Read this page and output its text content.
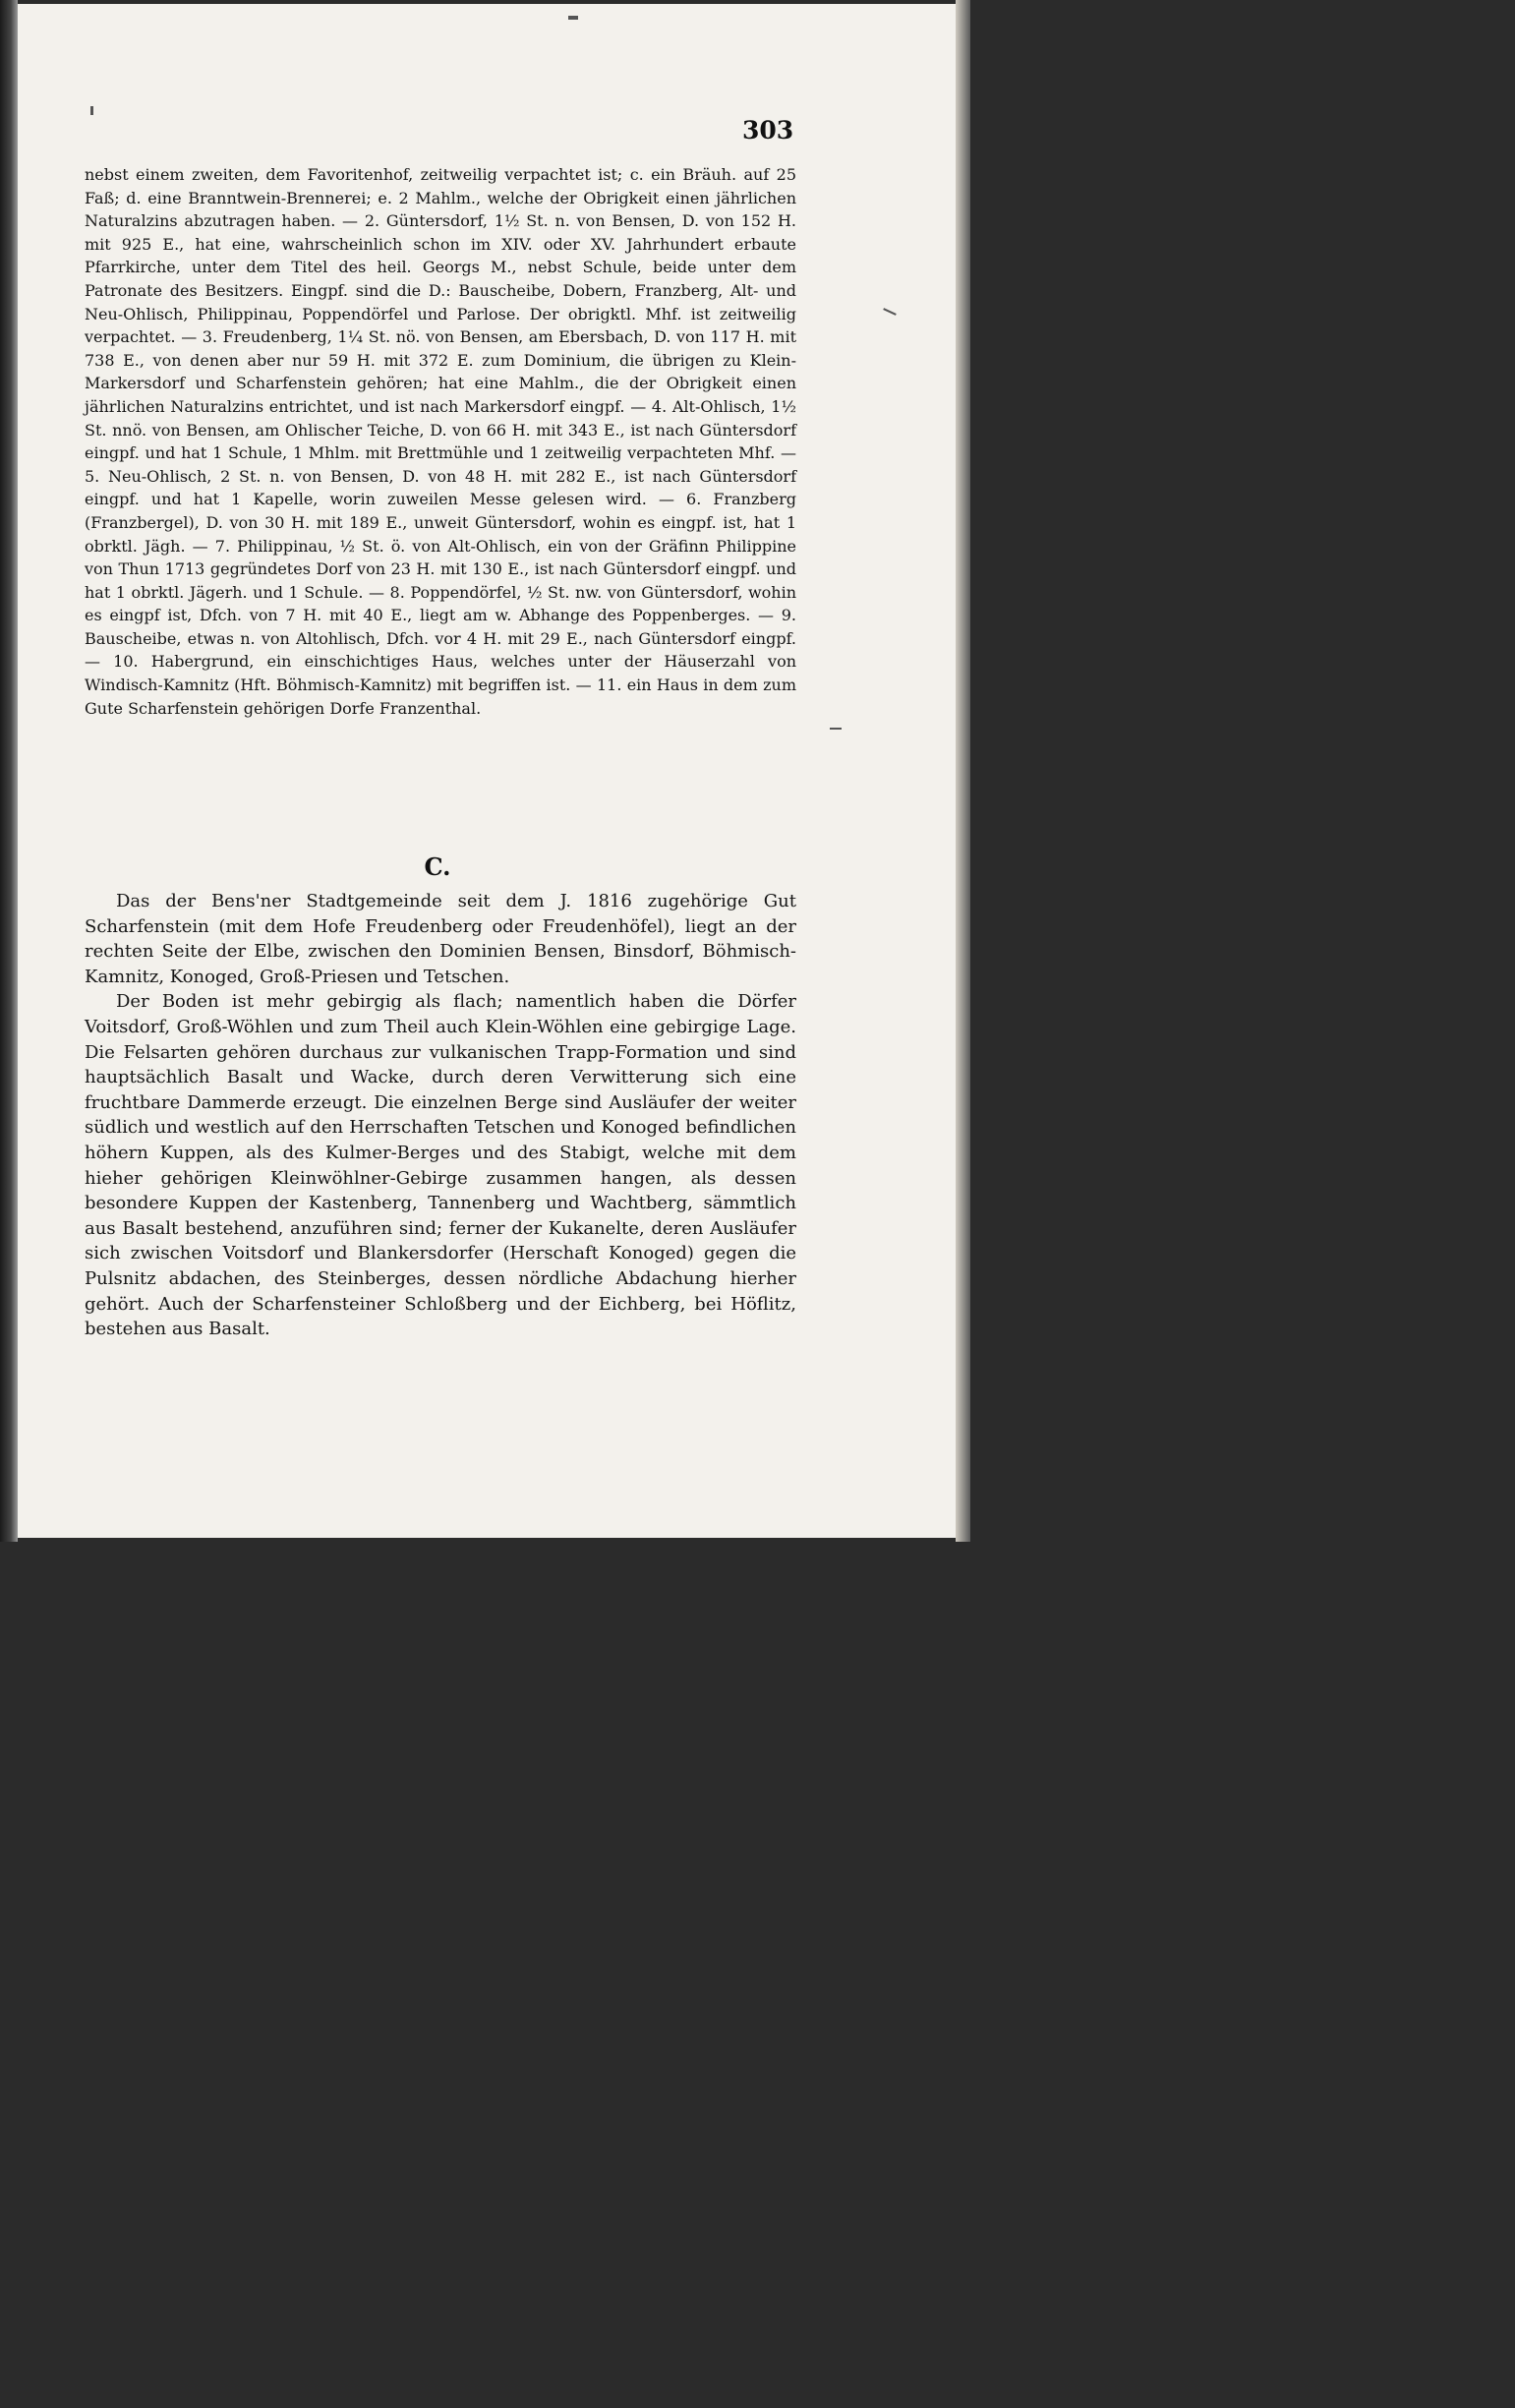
303

nebst einem zweiten, dem Favoritenhof, zeitweilig verpachtet ist; c. ein Bräuh. auf 25 Faß; d. eine Branntwein-Brennerei; e. 2 Mahlm., welche der Obrigkeit einen jährlichen Naturalzins abzutragen haben. — 2. Güntersdorf, 1½ St. n. von Bensen, D. von 152 H. mit 925 E., hat eine, wahrscheinlich schon im XIV. oder XV. Jahrhundert erbaute Pfarrkirche, unter dem Titel des heil. Georgs M., nebst Schule, beide unter dem Patronate des Besitzers. Eingpf. sind die D.: Bauscheibe, Dobern, Franzberg, Alt- und Neu-Ohlisch, Philippinau, Poppendörfel und Parlose. Der obrigktl. Mhf. ist zeitweilig verpachtet. — 3. Freudenberg, 1¼ St. nö. von Bensen, am Ebersbach, D. von 117 H. mit 738 E., von denen aber nur 59 H. mit 372 E. zum Dominium, die übrigen zu Klein-Markersdorf und Scharfenstein gehören; hat eine Mahlm., die der Obrigkeit einen jährlichen Naturalzins entrichtet, und ist nach Markersdorf eingpf. — 4. Alt-Ohlisch, 1½ St. nnö. von Bensen, am Ohlischer Teiche, D. von 66 H. mit 343 E., ist nach Güntersdorf eingpf. und hat 1 Schule, 1 Mhlm. mit Brettmühle und 1 zeitweilig verpachteten Mhf. — 5. Neu-Ohlisch, 2 St. n. von Bensen, D. von 48 H. mit 282 E., ist nach Güntersdorf eingpf. und hat 1 Kapelle, worin zuweilen Messe gelesen wird. — 6. Franzberg (Franzbergel), D. von 30 H. mit 189 E., unweit Güntersdorf, wohin es eingpf. ist, hat 1 obrktl. Jägh. — 7. Philippinau, ½ St. ö. von Alt-Ohlisch, ein von der Gräfinn Philippine von Thun 1713 gegründetes Dorf von 23 H. mit 130 E., ist nach Güntersdorf eingpf. und hat 1 obrktl. Jägerh. und 1 Schule. — 8. Poppendörfel, ½ St. nw. von Güntersdorf, wohin es eingpf ist, Dfch. von 7 H. mit 40 E., liegt am w. Abhange des Poppenberges. — 9. Bauscheibe, etwas n. von Altohlisch, Dfch. vor 4 H. mit 29 E., nach Güntersdorf eingpf. — 10. Habergrund, ein einschichtiges Haus, welches unter der Häuserzahl von Windisch-Kamnitz (Hft. Böhmisch-Kamnitz) mit begriffen ist. — 11. ein Haus in dem zum Gute Scharfenstein gehörigen Dorfe Franzenthal.

C.

Das der Bens'ner Stadtgemeinde seit dem J. 1816 zugehörige Gut Scharfenstein (mit dem Hofe Freudenberg oder Freudenhöfel), liegt an der rechten Seite der Elbe, zwischen den Dominien Bensen, Binsdorf, Böhmisch-Kamnitz, Konoged, Groß-Priesen und Tetschen.

Der Boden ist mehr gebirgig als flach; namentlich haben die Dörfer Voitsdorf, Groß-Wöhlen und zum Theil auch Klein-Wöhlen eine gebirgige Lage. Die Felsarten gehören durchaus zur vulkanischen Trapp-Formation und sind hauptsächlich Basalt und Wacke, durch deren Verwitterung sich eine fruchtbare Dammerde erzeugt. Die einzelnen Berge sind Ausläufer der weiter südlich und westlich auf den Herrschaften Tetschen und Konoged befindlichen höhern Kuppen, als des Kulmer-Berges und des Stabigt, welche mit dem hieher gehörigen Kleinwöhlner-Gebirge zusammen hangen, als dessen besondere Kuppen der Kastenberg, Tannenberg und Wachtberg, sämmtlich aus Basalt bestehend, anzuführen sind; ferner der Kukanelte, deren Ausläufer sich zwischen Voitsdorf und Blankersdorfer (Herschaft Konoged) gegen die Pulsnitz abdachen, des Steinberges, dessen nördliche Abdachung hierher gehört. Auch der Scharfensteiner Schloßberg und der Eichberg, bei Höflitz, bestehen aus Basalt.
